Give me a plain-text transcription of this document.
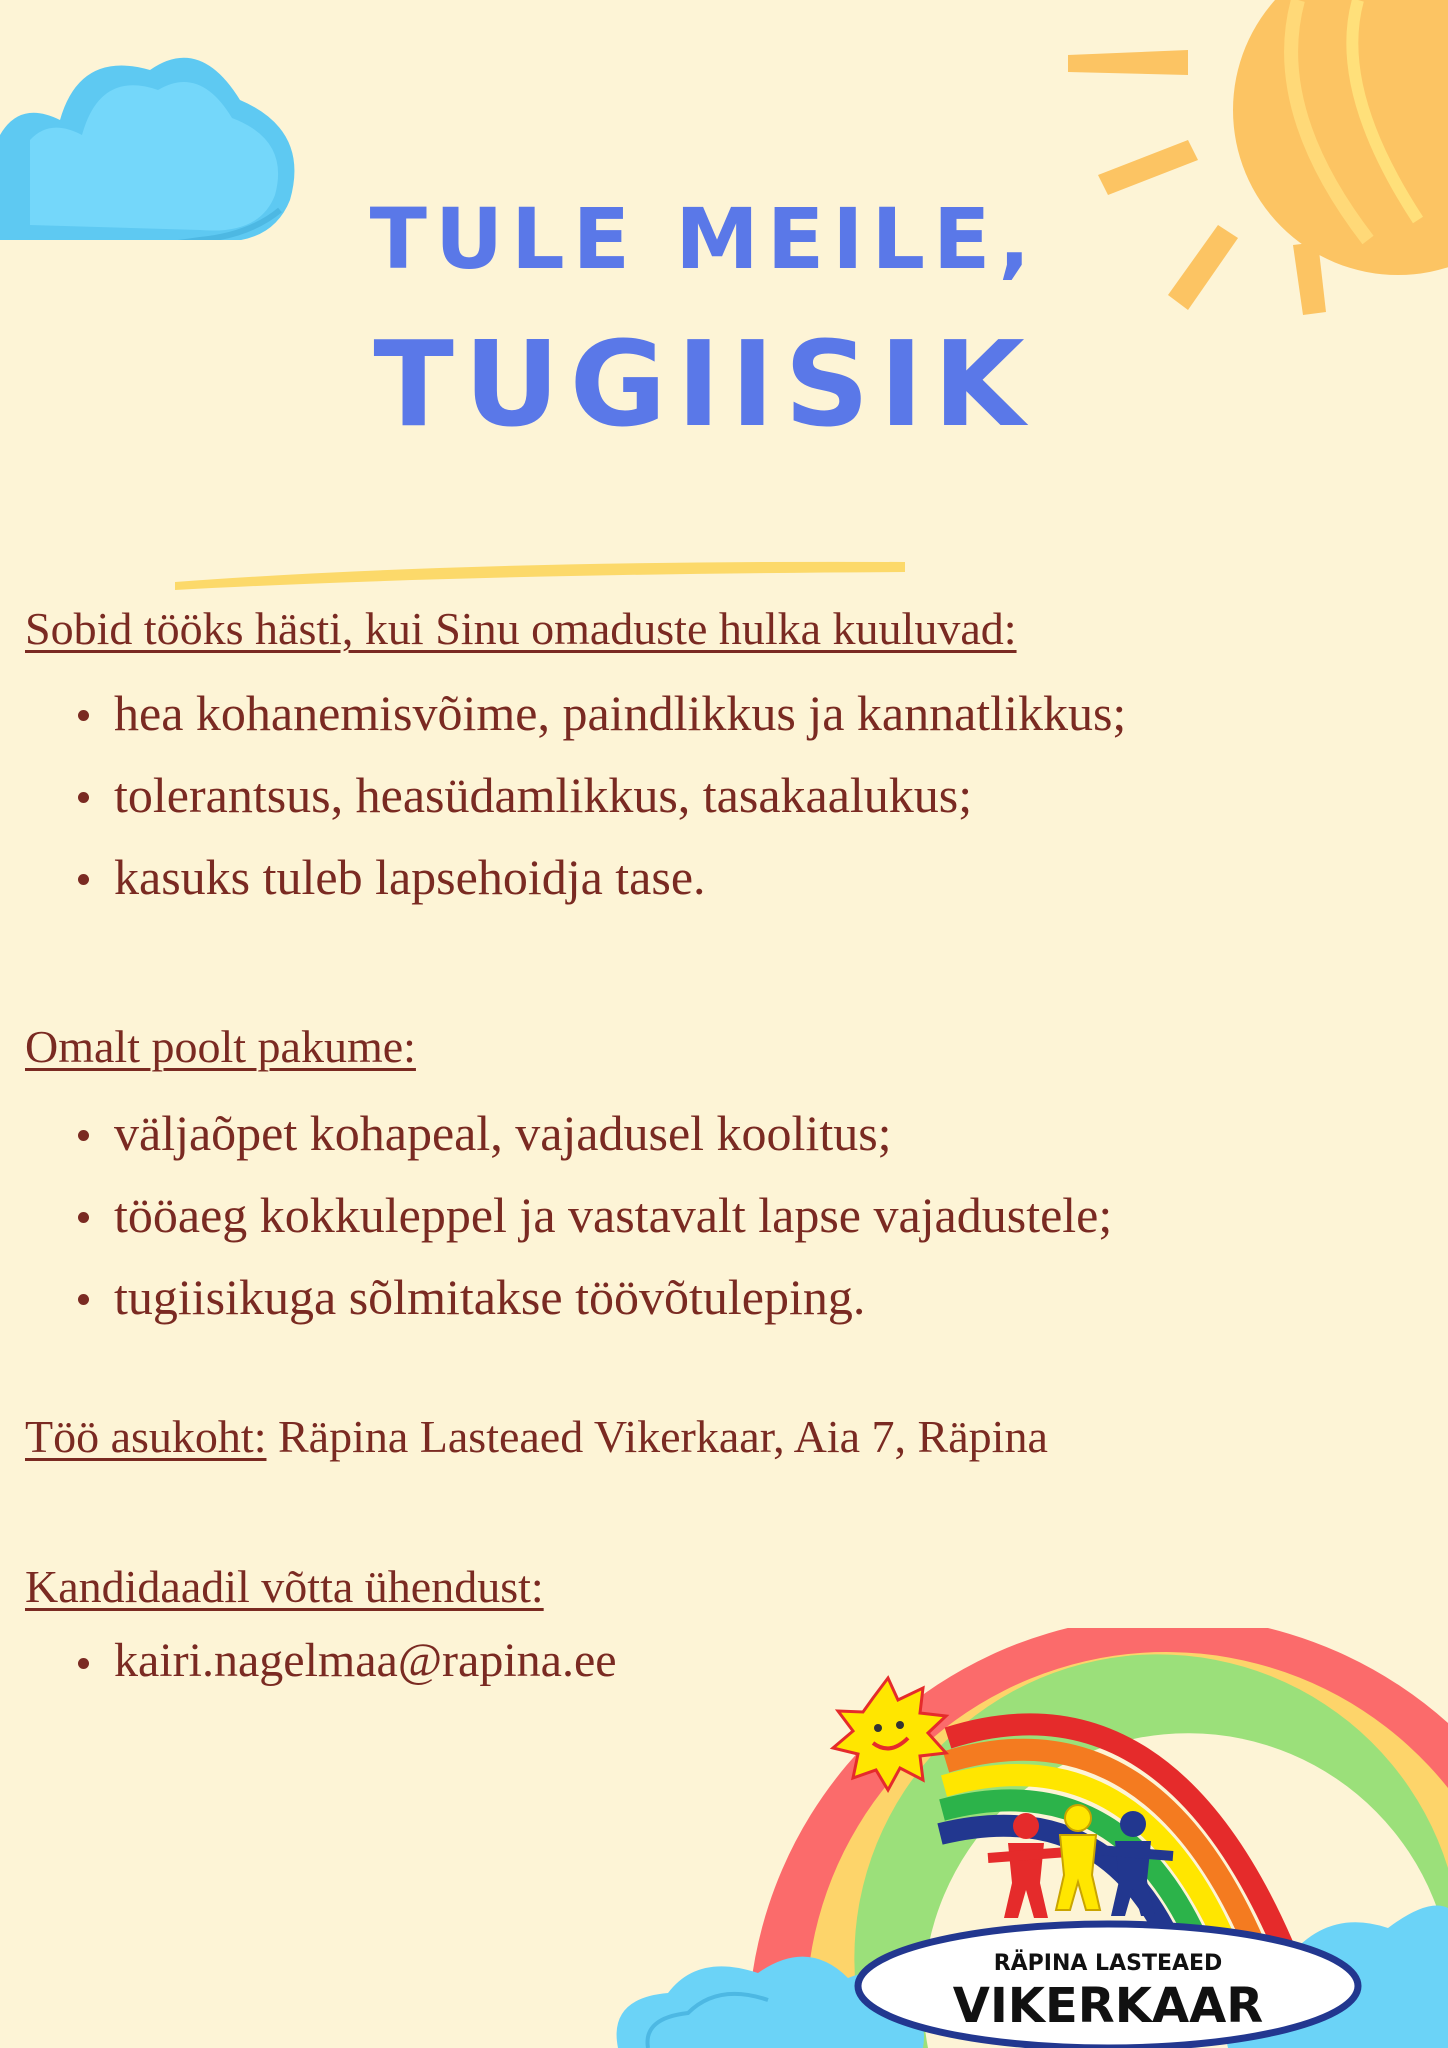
TULE MEILE,
TUGIISIK
Sobid tööks hästi, kui Sinu omaduste hulka kuuluvad:
hea kohanemisvõime, paindlikkus ja kannatlikkus;
tolerantsus, heasüdamlikkus, tasakaalukus;
kasuks tuleb lapsehoidja tase.
Omalt poolt pakume:
väljaõpet kohapeal, vajadusel koolitus;
tööaeg kokkuleppel ja vastavalt lapse vajadustele;
tugiisikuga sõlmitakse töövõtuleping.
Töö asukoht: Räpina Lasteaed Vikerkaar, Aia 7, Räpina
Kandidaadil võtta ühendust:
kairi.nagelmaa@rapina.ee
RÄPINA LASTEAED
VIKERKAAR
